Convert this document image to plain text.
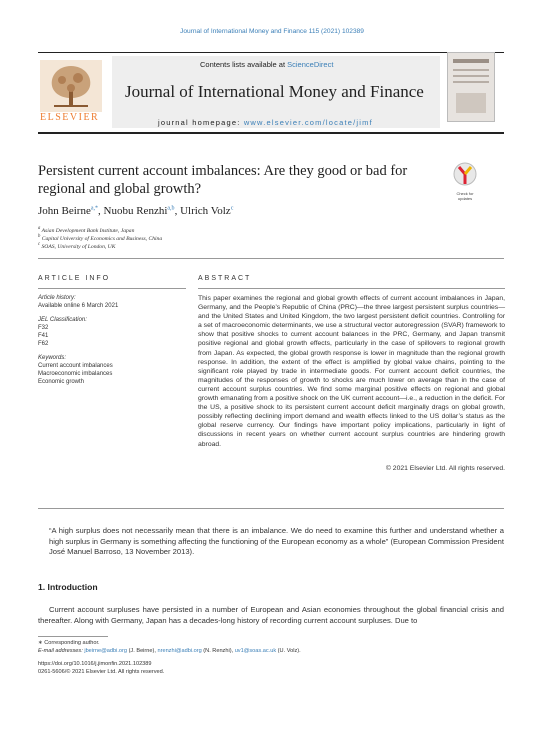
Journal of International Money and Finance 115 (2021) 102389
ELSEVIER
Contents lists available at ScienceDirect
Journal of International Money and Finance
journal homepage: www.elsevier.com/locate/jimf
Persistent current account imbalances: Are they good or bad for regional and global growth?	Check for
updates
John Beirne$^{a,*}$, Nuobu Renzhi$^{a,b}$, Ulrich Volz$^c$
$^a$ Asian Development Bank Institute, Japan
$^b$ Capital University of Economics and Business, China
$^c$ SOAS, University of London, UK
ARTICLE INFO
Article history:
Available online 6 March 2021
JEL Classification:
F32
F41
F62
Keywords:
Current account imbalances
Macroeconomic imbalances
Economic growth
ABSTRACT
This paper examines the regional and global growth effects of current account imbalances in Japan, Germany, and the People’s Republic of China (PRC)—the three largest persistent surplus countries—and the United States and United Kingdom, the two largest persistent deficit countries. Controlling for a set of macroeconomic determinants, we use a structural vector autoregression (SVAR) framework to show that positive shocks to current account balances in the PRC, Germany, and Japan transmit positive regional and global growth effects, particularly in the case of spillovers to regional growth from Japan. As expected, the global growth response is lower in magnitude than the regional growth response. In addition, the extent of the effect is amplified by global value chains, pointing to the significant role played by trade in intermediate goods. For current account deficit countries, the magnitudes of the responses of growth to shocks are much lower on average than in the case of current account surplus countries. We find some marginal positive effects on regional and global growth emanating from a positive shock on the UK current account—i.e., a reduction in the deficit. For the US, a positive shock to its persistent current account deficit marginally drags on global growth, possibly reflecting declining import demand and wealth effects linked to the US dollar’s status as the global reserve currency. Our findings have important policy implications, particularly in light of discussions in recent years on whether current account surplus countries are hindering growth abroad.
© 2021 Elsevier Ltd. All rights reserved.
“A high surplus does not necessarily mean that there is an imbalance. We do need to examine this further and understand whether a high surplus in Germany is something affecting the functioning of the European economy as a whole” (European Commission President José Manuel Barroso, 13 November 2013).
1. Introduction
Current account surpluses have persisted in a number of European and Asian economies throughout the global financial crisis and thereafter. Along with Germany, Japan has a decades-long history of recording current account surpluses. Due to
∗ Corresponding author.
E-mail addresses: jbeirne@adbi.org (J. Beirne), nrenzhi@adbi.org (N. Renzhi), uv1@soas.ac.uk (U. Volz).
https://doi.org/10.1016/j.jimonfin.2021.102389
0261-5606/© 2021 Elsevier Ltd. All rights reserved.
